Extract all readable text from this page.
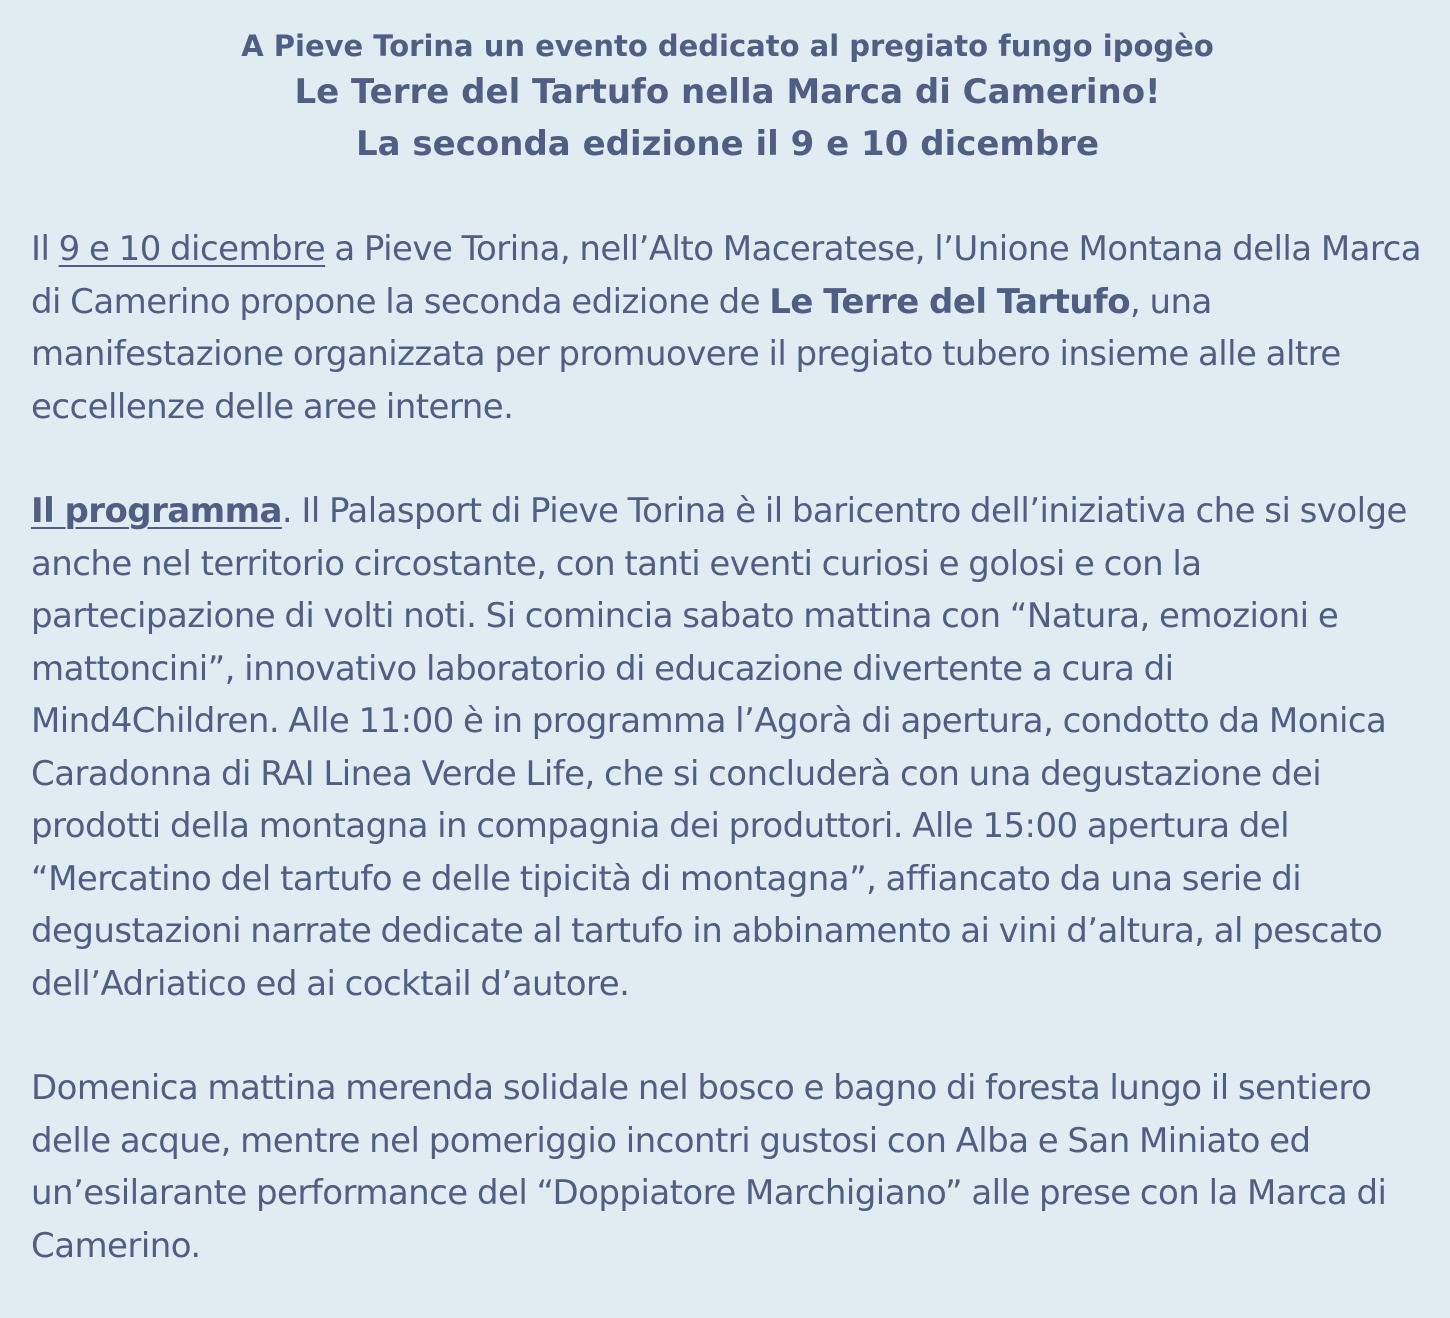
A Pieve Torina un evento dedicato al pregiato fungo ipogèo
Le Terre del Tartufo nella Marca di Camerino!
La seconda edizione il 9 e 10 dicembre

Il 9 e 10 dicembre a Pieve Torina, nell’Alto Maceratese, l’Unione Montana della Marca di Camerino propone la seconda edizione de Le Terre del Tartufo, una manifestazione organizzata per promuovere il pregiato tubero insieme alle altre eccellenze delle aree interne.

Il programma. Il Palasport di Pieve Torina è il baricentro dell’iniziativa che si svolge anche nel territorio circostante, con tanti eventi curiosi e golosi e con la partecipazione di volti noti. Si comincia sabato mattina con “Natura, emozioni e mattoncini”, innovativo laboratorio di educazione divertente a cura di Mind4Children. Alle 11:00 è in programma l’Agorà di apertura, condotto da Monica Caradonna di RAI Linea Verde Life, che si concluderà con una degustazione dei prodotti della montagna in compagnia dei produttori. Alle 15:00 apertura del “Mercatino del tartufo e delle tipicità di montagna”, affiancato da una serie di degustazioni narrate dedicate al tartufo in abbinamento ai vini d’altura, al pescato dell’Adriatico ed ai cocktail d’autore.

Domenica mattina merenda solidale nel bosco e bagno di foresta lungo il sentiero delle acque, mentre nel pomeriggio incontri gustosi con Alba e San Miniato ed un’esilarante performance del “Doppiatore Marchigiano” alle prese con la Marca di Camerino.
